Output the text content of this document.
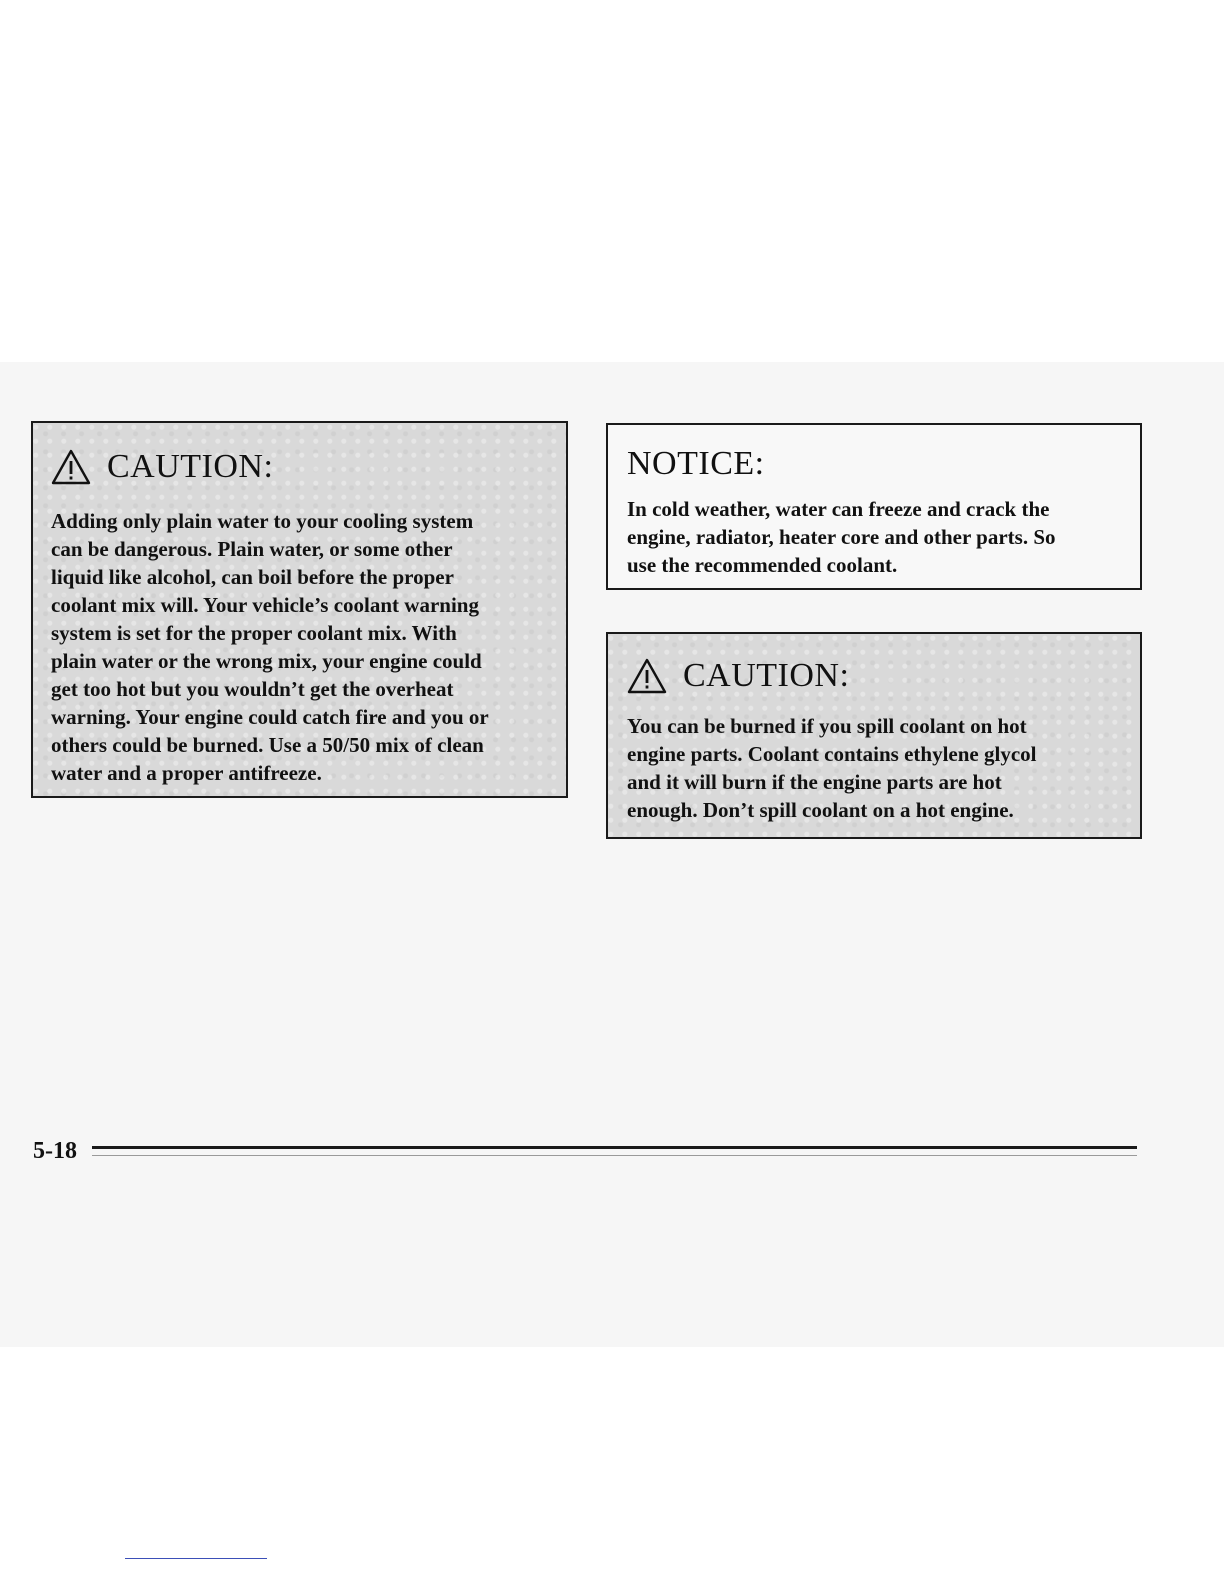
CAUTION:

Adding only plain water to your cooling system

can be dangerous. Plain water, or some other

liquid like alcohol, can boil before the proper

coolant mix will. Your vehicle’s coolant warning

system is set for the proper coolant mix. With

plain water or the wrong mix, your engine could

get too hot but you wouldn’t get the overheat

warning. Your engine could catch fire and you or

others could be burned. Use a 50/50 mix of clean

water and a proper antifreeze.

NOTICE:

In cold weather, water can freeze and crack the

engine, radiator, heater core and other parts. So

use the recommended coolant.

CAUTION:

You can be burned if you spill coolant on hot

engine parts. Coolant contains ethylene glycol

and it will burn if the engine parts are hot

enough. Don’t spill coolant on a hot engine.

5-18
